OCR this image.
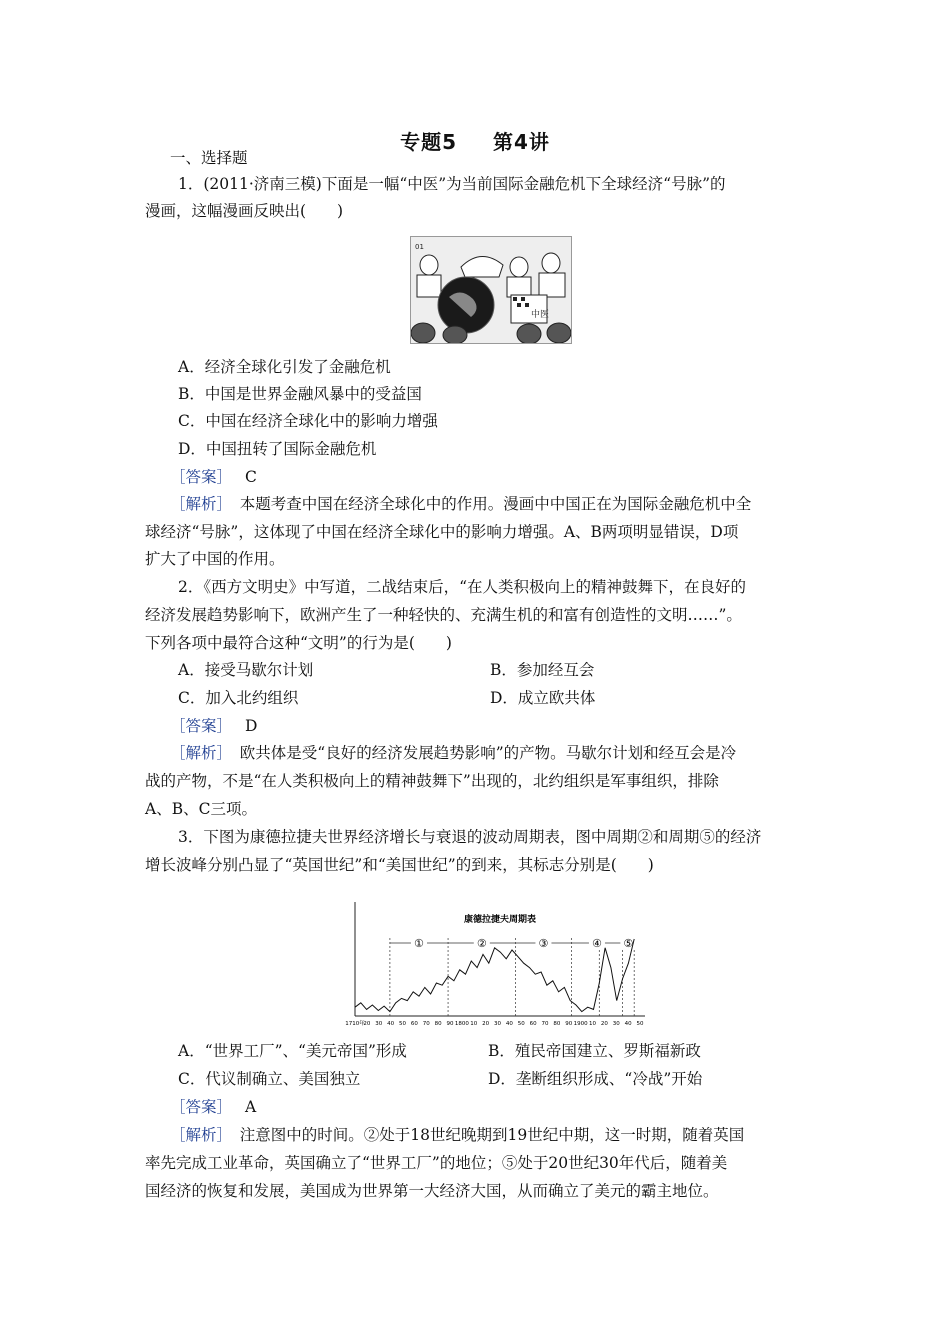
专题5 第4讲
一、选择题
1．(2011·济南三模)下面是一幅“中医”为当前国际金融危机下全球经济“号脉”的
漫画，这幅漫画反映出(　　)
01
中医
A．经济全球化引发了金融危机
B．中国是世界金融风暴中的受益国
C．中国在经济全球化中的影响力增强
D．中国扭转了国际金融危机
［答案］ C
［解析］　本题考查中国在经济全球化中的作用。漫画中中国正在为国际金融危机中全
球经济“号脉”，这体现了中国在经济全球化中的影响力增强。A、B两项明显错误，D项
扩大了中国的作用。
2．《西方文明史》中写道，二战结束后，“在人类积极向上的精神鼓舞下，在良好的
经济发展趋势影响下，欧洲产生了一种轻快的、充满生机的和富有创造性的文明……”。
下列各项中最符合这种“文明”的行为是(　　)
A．接受马歇尔计划	B．参加经互会
C．加入北约组织	D．成立欧共体
［答案］ D
［解析］　欧共体是受“良好的经济发展趋势影响”的产物。马歇尔计划和经互会是冷
战的产物，不是“在人类积极向上的精神鼓舞下”出现的，北约组织是军事组织，排除
A、B、C三项。
3．下图为康德拉捷夫世界经济增长与衰退的波动周期表，图中周期②和周期⑤的经济
增长波峰分别凸显了“英国世纪”和“美国世纪”的到来，其标志分别是(　　)
康德拉捷夫周期表
1710年
20 30 40 50 60 70 80 90 1800 10 20 30 40 50 60 70 80 90 1900 10 20 30 40 50
①	②	③	④ ⑤
A．“世界工厂”、“美元帝国”形成	B．殖民帝国建立、罗斯福新政
C．代议制确立、美国独立	D．垄断组织形成、“冷战”开始
［答案］ A
［解析］　注意图中的时间。②处于18世纪晚期到19世纪中期，这一时期，随着英国
率先完成工业革命，英国确立了“世界工厂”的地位；⑤处于20世纪30年代后，随着美
国经济的恢复和发展，美国成为世界第一大经济大国，从而确立了美元的霸主地位。
